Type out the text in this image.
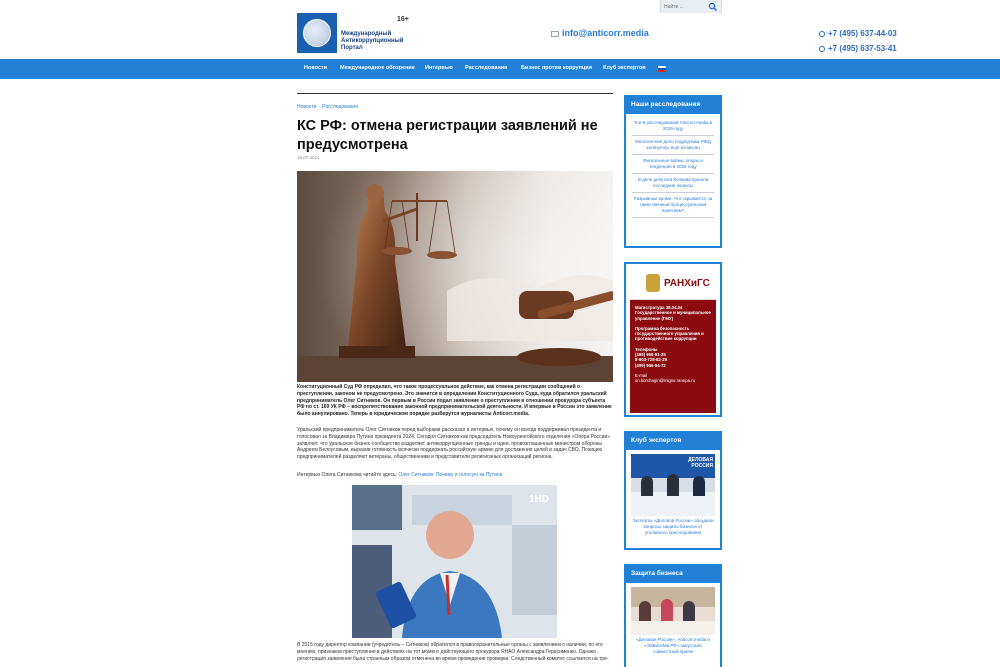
Найти ...
16+
Международный
Антикоррупционный
Портал
info@anticorr.media	+7 (495) 637-44-03
+7 (495) 637-53-41
Новости Международное обозрение Интервью Расследования Бизнес против коррупции Клуб экспертов
Новости · Расследования
КС РФ: отмена регистрации заявлений не предусмотрена
16.07.2024
Конституционный Суд РФ определил, что такое процессуальное действие, как отмена регистрации сообщений о преступлении, законом не предусмотрено. Это значится в определении Конституционного Суда, куда обратился уральский предприниматель Олег Ситников. Он первым в России подал заявление о преступлении в отношении прокурора субъекта РФ по ст. 169 УК РФ – воспрепятствование законной предпринимательской деятельности. И впервые в России это заявление было аннулировано. Теперь в юридическом порядке разберутся журналисты Anticorr.media.
Уральский предприниматель Олег Ситников перед выборами рассказал в интервью, почему он всегда поддерживал президента и голосовал за Владимира Путина президента 2024. Сегодня Ситников как председатель Новоуренгойского отделения «Опора России» заявляет, что уральское бизнес-сообщество разделяет антикоррупционные тренды и идеи, провозглашенные министром обороны Андреем Белоусовым, выразив готовность всячески поддержать российскую армию для достижения целей и задач СВО. Позицию предпринимателей разделяют ветераны, общественники и представители религиозных организаций региона.
Интервью Олега Ситникова читайте здесь: Олег Ситников: Почему я голосую за Путина
1HD
В 2015 году директор компании (учредитель – Ситников) обратился в правоохранительные органы с заявлением о наличии, по его мнению, признаков преступления в действиях на тот момент действующего прокурора ЯНАО Александра Герасименко. Однако регистрация заявления была странным образом отменена во время проведения проверки. Следственный комитет ссылается на тре-
Наши расследования
Топ-6 расследований Anticorr.media в 2026 году
Многолетнее дело подрядчика РЖД затянулось еще на месяц
Фискальные войны: опоры и тенденции в 2026 году
В деле депутата Кочаева прошли последние нюансы
Разрывные кроме. Что скрывается за таинственным процессуальным понятием?
РАНХиГС
Магистратура 38.04.04 Государственное и муниципальное управление (ГМУ)
Программа безопасность государственного управления и противодействие коррупции
Телефоны
(499) 956-91-25
8-903-728-82-29
(499) 956-94-72
E-mail
on.korchagin@migsu.ranepa.ru
Клуб экспертов
ДЕЛОВАЯ РОССИЯ
Эксперты «Деловой России» обсудили вопросы защиты бизнеса от уголовного преследования
Защита бизнеса
«Деловая Россия», Anticorr.media и «ЭйБисиМи.РФ» запустили совместный прием
